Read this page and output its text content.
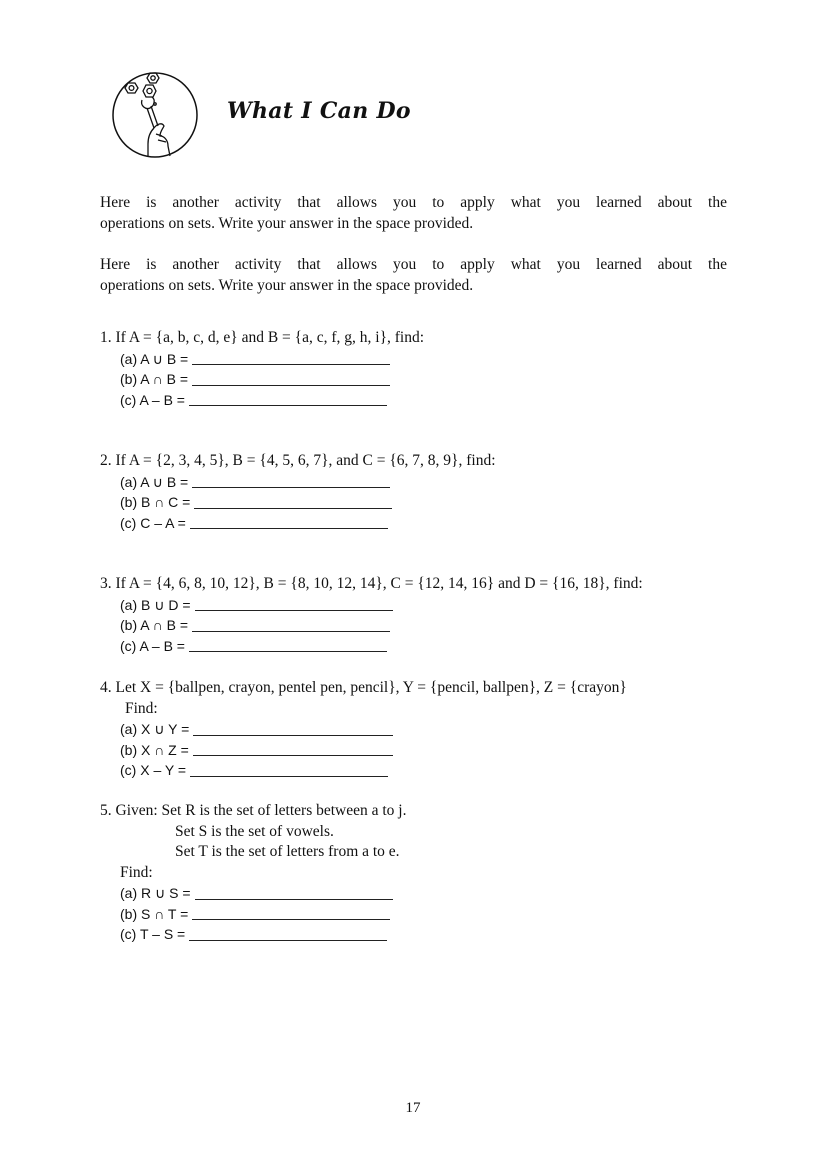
What I Can Do
Here is another activity that allows you to apply what you learned about the
operations on sets. Write your answer in the space provided.
Here is another activity that allows you to apply what you learned about the
operations on sets. Write your answer in the space provided.
1. If A = {a, b, c, d, e} and B = {a, c, f, g, h, i}, find:
(a) A ∪ B =
(b) A ∩ B =
(c) A – B =
2. If A = {2, 3, 4, 5}, B = {4, 5, 6, 7}, and C = {6, 7, 8, 9}, find:
(a) A ∪ B =
(b) B ∩ C =
(c) C – A =
3. If A = {4, 6, 8, 10, 12}, B = {8, 10, 12, 14}, C = {12, 14, 16} and D = {16, 18}, find:
(a) B ∪ D =
(b) A ∩ B =
(c) A – B =
4. Let X = {ballpen, crayon, pentel pen, pencil}, Y = {pencil, ballpen}, Z = {crayon}
Find:
(a) X ∪ Y =
(b) X ∩ Z =
(c) X – Y =
5. Given: Set R is the set of letters between a to j.
Set S is the set of vowels.
Set T is the set of letters from a to e.
Find:
(a) R ∪ S =
(b) S ∩ T =
(c) T – S =
17
